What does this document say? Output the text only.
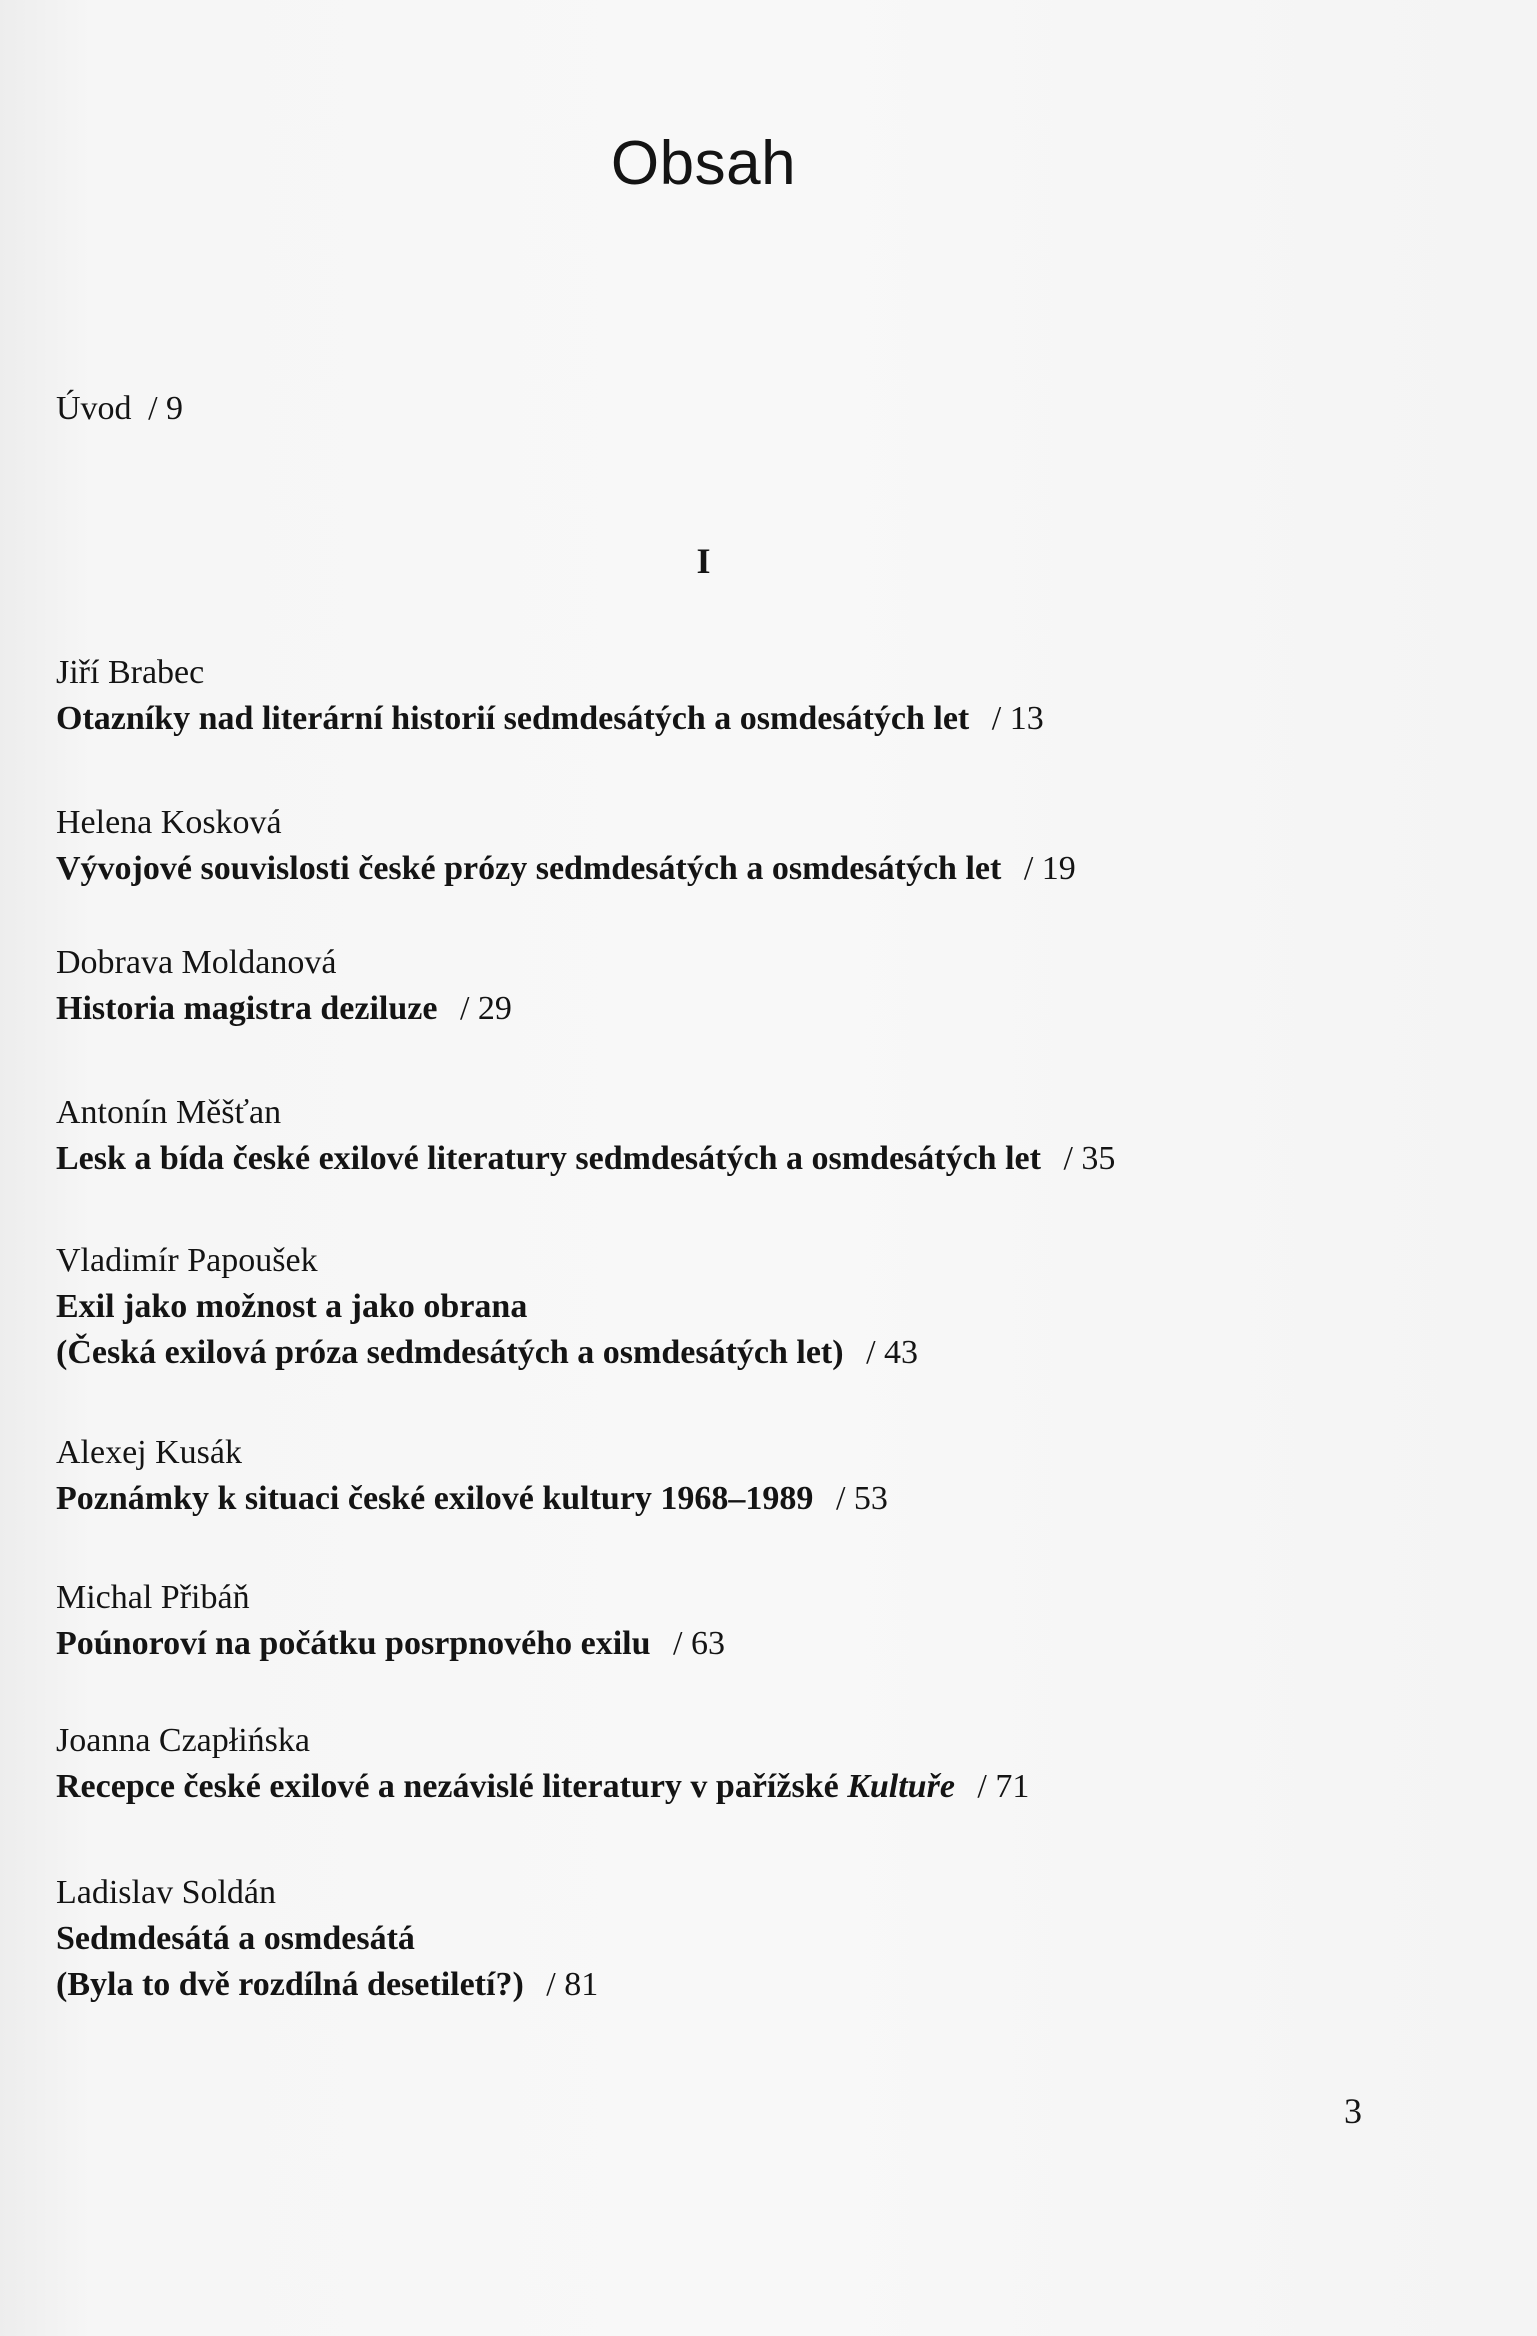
Obsah
Úvod / 9
I
Jiří Brabec
Otazníky nad literární historií sedmdesátých a osmdesátých let / 13
Helena Kosková
Vývojové souvislosti české prózy sedmdesátých a osmdesátých let / 19
Dobrava Moldanová
Historia magistra deziluze / 29
Antonín Měšťan
Lesk a bída české exilové literatury sedmdesátých a osmdesátých let / 35
Vladimír Papoušek
Exil jako možnost a jako obrana
(Česká exilová próza sedmdesátých a osmdesátých let) / 43
Alexej Kusák
Poznámky k situaci české exilové kultury 1968–1989 / 53
Michal Přibáň
Poúnoroví na počátku posrpnového exilu / 63
Joanna Czapłińska
Recepce české exilové a nezávislé literatury v pařížské Kultuře / 71
Ladislav Soldán
Sedmdesátá a osmdesátá
(Byla to dvě rozdílná desetiletí?) / 81
3
